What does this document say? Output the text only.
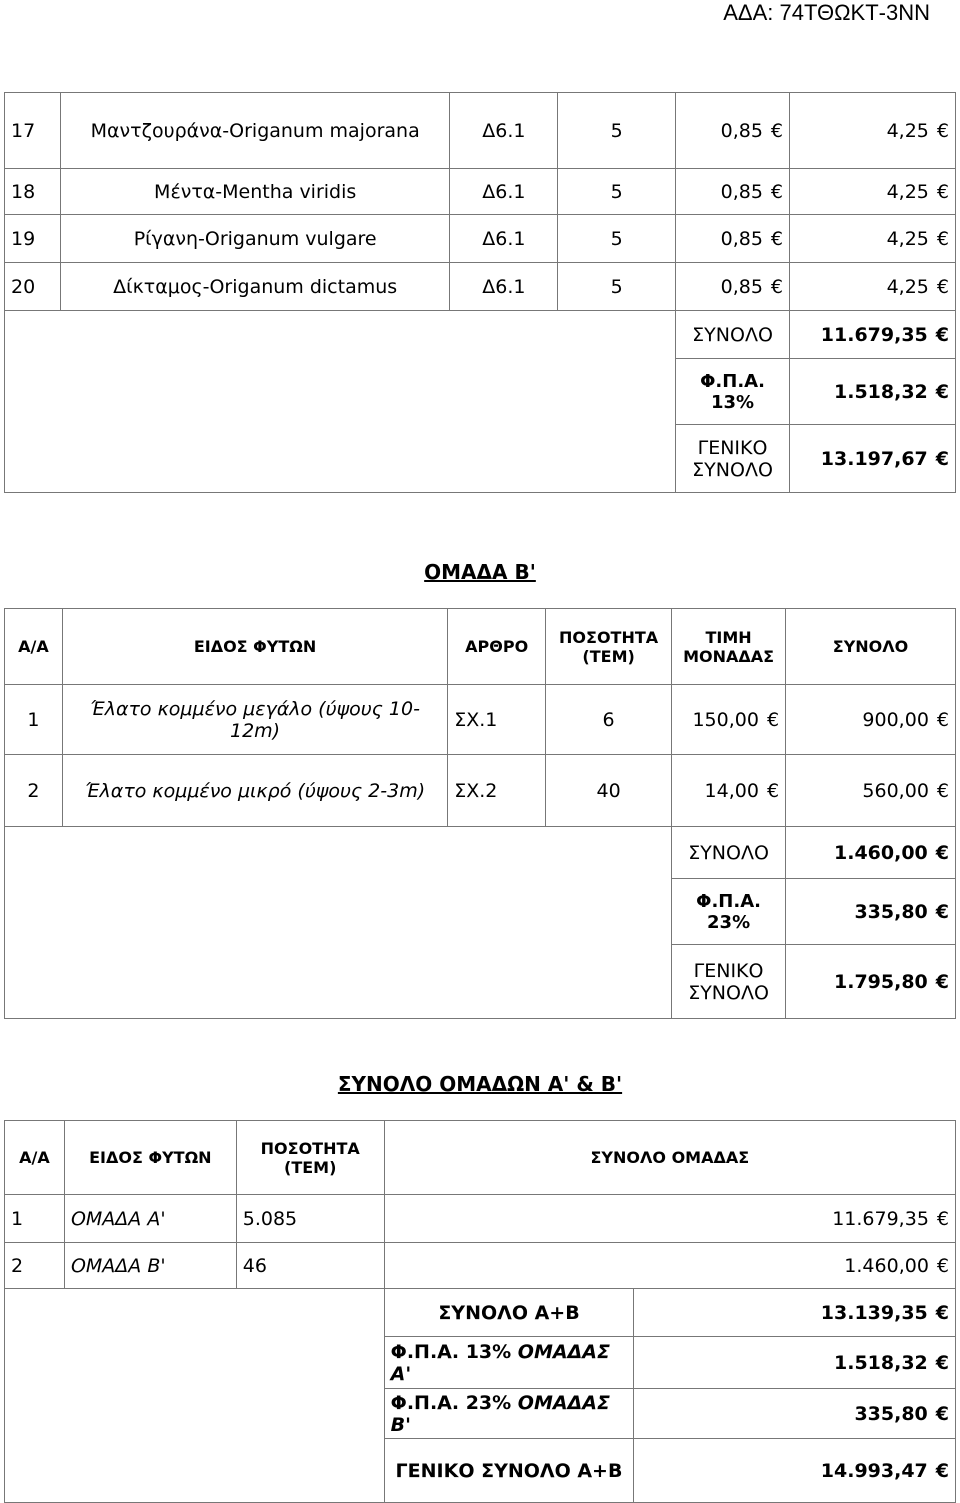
ΑΔΑ: 74ΤΘΩΚΤ-3ΝΝ
17	Μαντζουράνα-Origanum majorana	Δ6.1	5	0,85 €	4,25 €
18	Μέντα-Mentha viridis	Δ6.1	5	0,85 €	4,25 €
19	Ρίγανη-Origanum vulgare	Δ6.1	5	0,85 €	4,25 €
20	Δίκταμος-Origanum dictamus	Δ6.1	5	0,85 €	4,25 €
				ΣΥΝΟΛΟ	11.679,35 €
				Φ.Π.Α. 13%	1.518,32 €
				ΓΕΝΙΚΟ ΣΥΝΟΛΟ	13.197,67 €
ΟΜΑΔΑ Β'
Α/Α	ΕΙΔΟΣ ΦΥΤΩΝ	ΑΡΘΡΟ	ΠΟΣΟΤΗΤΑ (ΤΕΜ)	ΤΙΜΗ ΜΟΝΑΔΑΣ	ΣΥΝΟΛΟ
1	Έλατο κομμένο μεγάλο (ύψους 10-12m)	ΣΧ.1	6	150,00 €	900,00 €
2	Έλατο κομμένο μικρό (ύψους 2-3m)	ΣΧ.2	40	14,00 €	560,00 €
				ΣΥΝΟΛΟ	1.460,00 €
				Φ.Π.Α. 23%	335,80 €
				ΓΕΝΙΚΟ ΣΥΝΟΛΟ	1.795,80 €
ΣΥΝΟΛΟ ΟΜΑΔΩΝ Α' & Β'
Α/Α	ΕΙΔΟΣ ΦΥΤΩΝ	ΠΟΣΟΤΗΤΑ (ΤΕΜ)	ΣΥΝΟΛΟ ΟΜΑΔΑΣ	
1	ΟΜΑΔΑ Α'	5.085	11.679,35 €	
2	ΟΜΑΔΑ Β'	46	1.460,00 €	
			ΣΥΝΟΛΟ Α+Β	13.139,35 €
			Φ.Π.Α. 13% ΟΜΑΔΑΣ Α'	1.518,32 €
			Φ.Π.Α. 23% ΟΜΑΔΑΣ Β'	335,80 €
			ΓΕΝΙΚΟ ΣΥΝΟΛΟ Α+Β	14.993,47 €
